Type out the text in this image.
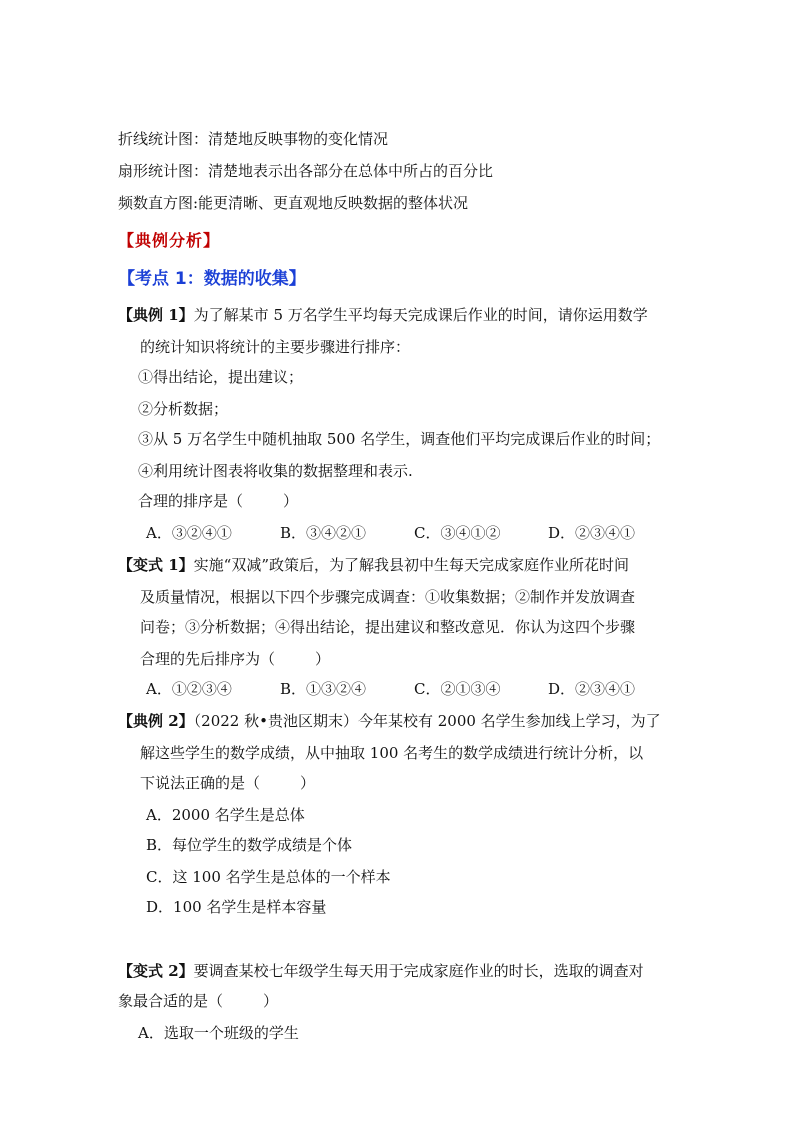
折线统计图：清楚地反映事物的变化情况
扇形统计图：清楚地表示出各部分在总体中所占的百分比
频数直方图:能更清晰、更直观地反映数据的整体状况
【典例分析】
【考点 1：数据的收集】
【典例 1】为了解某市 5 万名学生平均每天完成课后作业的时间，请你运用数学
的统计知识将统计的主要步骤进行排序：
①得出结论，提出建议；
②分析数据；
③从 5 万名学生中随机抽取 500 名学生，调查他们平均完成课后作业的时间；
④利用统计图表将收集的数据整理和表示.
合理的排序是（	）
A．③②④①	B．③④②①	C．③④①②	D．②③④①
【变式 1】实施“双减”政策后，为了解我县初中生每天完成家庭作业所花时间
及质量情况，根据以下四个步骤完成调查：①收集数据；②制作并发放调查
问卷；③分析数据；④得出结论，提出建议和整改意见．你认为这四个步骤
合理的先后排序为（	）
A．①②③④	B．①③②④	C．②①③④	D．②③④①
【典例 2】（2022 秋•贵池区期末）今年某校有 2000 名学生参加线上学习，为了
解这些学生的数学成绩，从中抽取 100 名考生的数学成绩进行统计分析，以
下说法正确的是（	）
A．2000 名学生是总体
B．每位学生的数学成绩是个体
C．这 100 名学生是总体的一个样本
D．100 名学生是样本容量
【变式 2】要调查某校七年级学生每天用于完成家庭作业的时长，选取的调查对
象最合适的是（	）
A．选取一个班级的学生
